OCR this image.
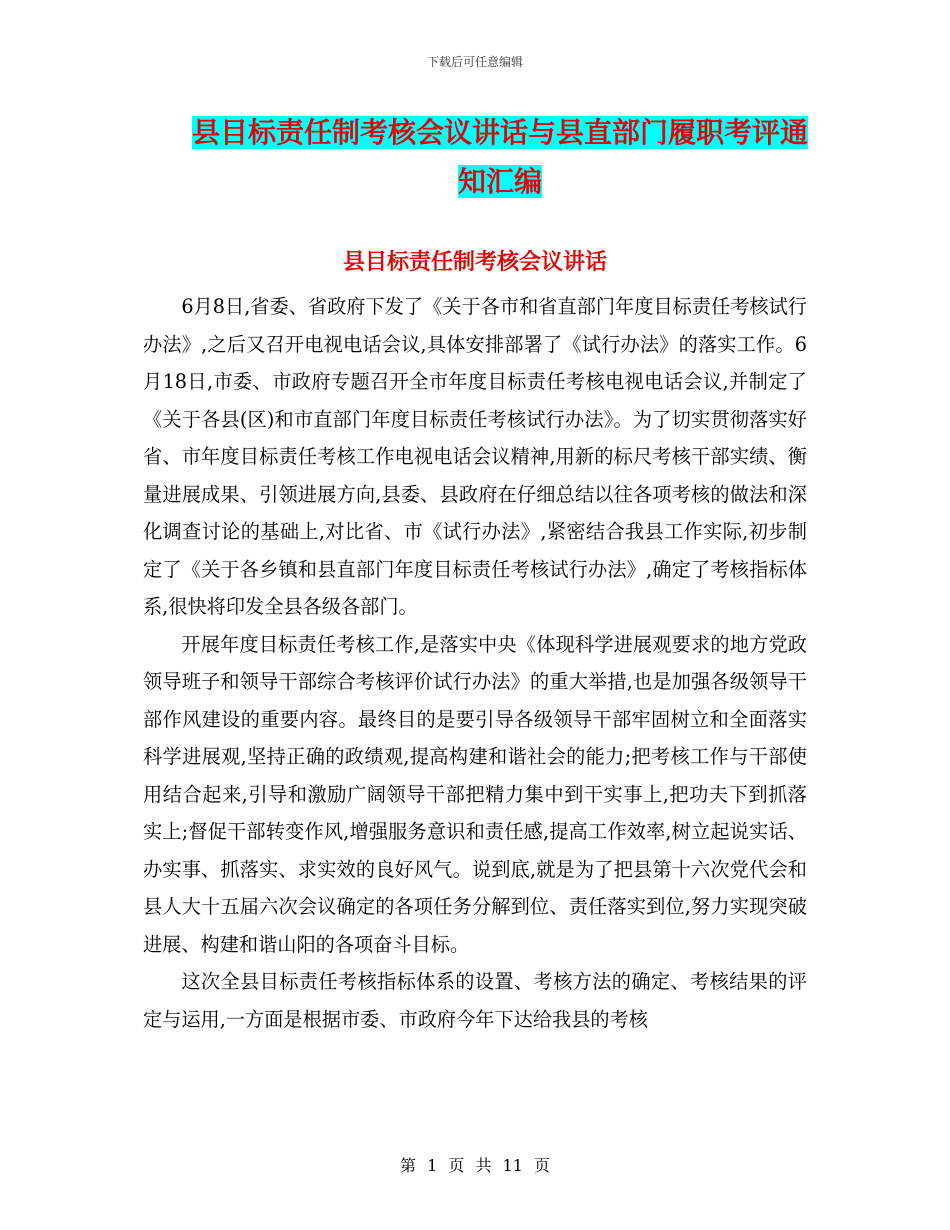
下载后可任意编辑
县目标责任制考核会议讲话与县直部门履职考评通知汇编
县目标责任制考核会议讲话

6月8日,省委、省政府下发了《关于各市和省直部门年度目标责任考核试行办法》,之后又召开电视电话会议,具体安排部署了《试行办法》的落实工作。6月18日,市委、市政府专题召开全市年度目标责任考核电视电话会议,并制定了《关于各县(区)和市直部门年度目标责任考核试行办法》。为了切实贯彻落实好省、市年度目标责任考核工作电视电话会议精神,用新的标尺考核干部实绩、衡量进展成果、引领进展方向,县委、县政府在仔细总结以往各项考核的做法和深化调查讨论的基础上,对比省、市《试行办法》,紧密结合我县工作实际,初步制定了《关于各乡镇和县直部门年度目标责任考核试行办法》,确定了考核指标体系,很快将印发全县各级各部门。

开展年度目标责任考核工作,是落实中央《体现科学进展观要求的地方党政领导班子和领导干部综合考核评价试行办法》的重大举措,也是加强各级领导干部作风建设的重要内容。最终目的是要引导各级领导干部牢固树立和全面落实科学进展观,坚持正确的政绩观,提高构建和谐社会的能力;把考核工作与干部使用结合起来,引导和激励广阔领导干部把精力集中到干实事上,把功夫下到抓落实上;督促干部转变作风,增强服务意识和责任感,提高工作效率,树立起说实话、办实事、抓落实、求实效的良好风气。说到底,就是为了把县第十六次党代会和县人大十五届六次会议确定的各项任务分解到位、责任落实到位,努力实现突破进展、构建和谐山阳的各项奋斗目标。

这次全县目标责任考核指标体系的设置、考核方法的确定、考核结果的评定与运用,一方面是根据市委、市政府今年下达给我县的考核

第 1 页 共 11 页
